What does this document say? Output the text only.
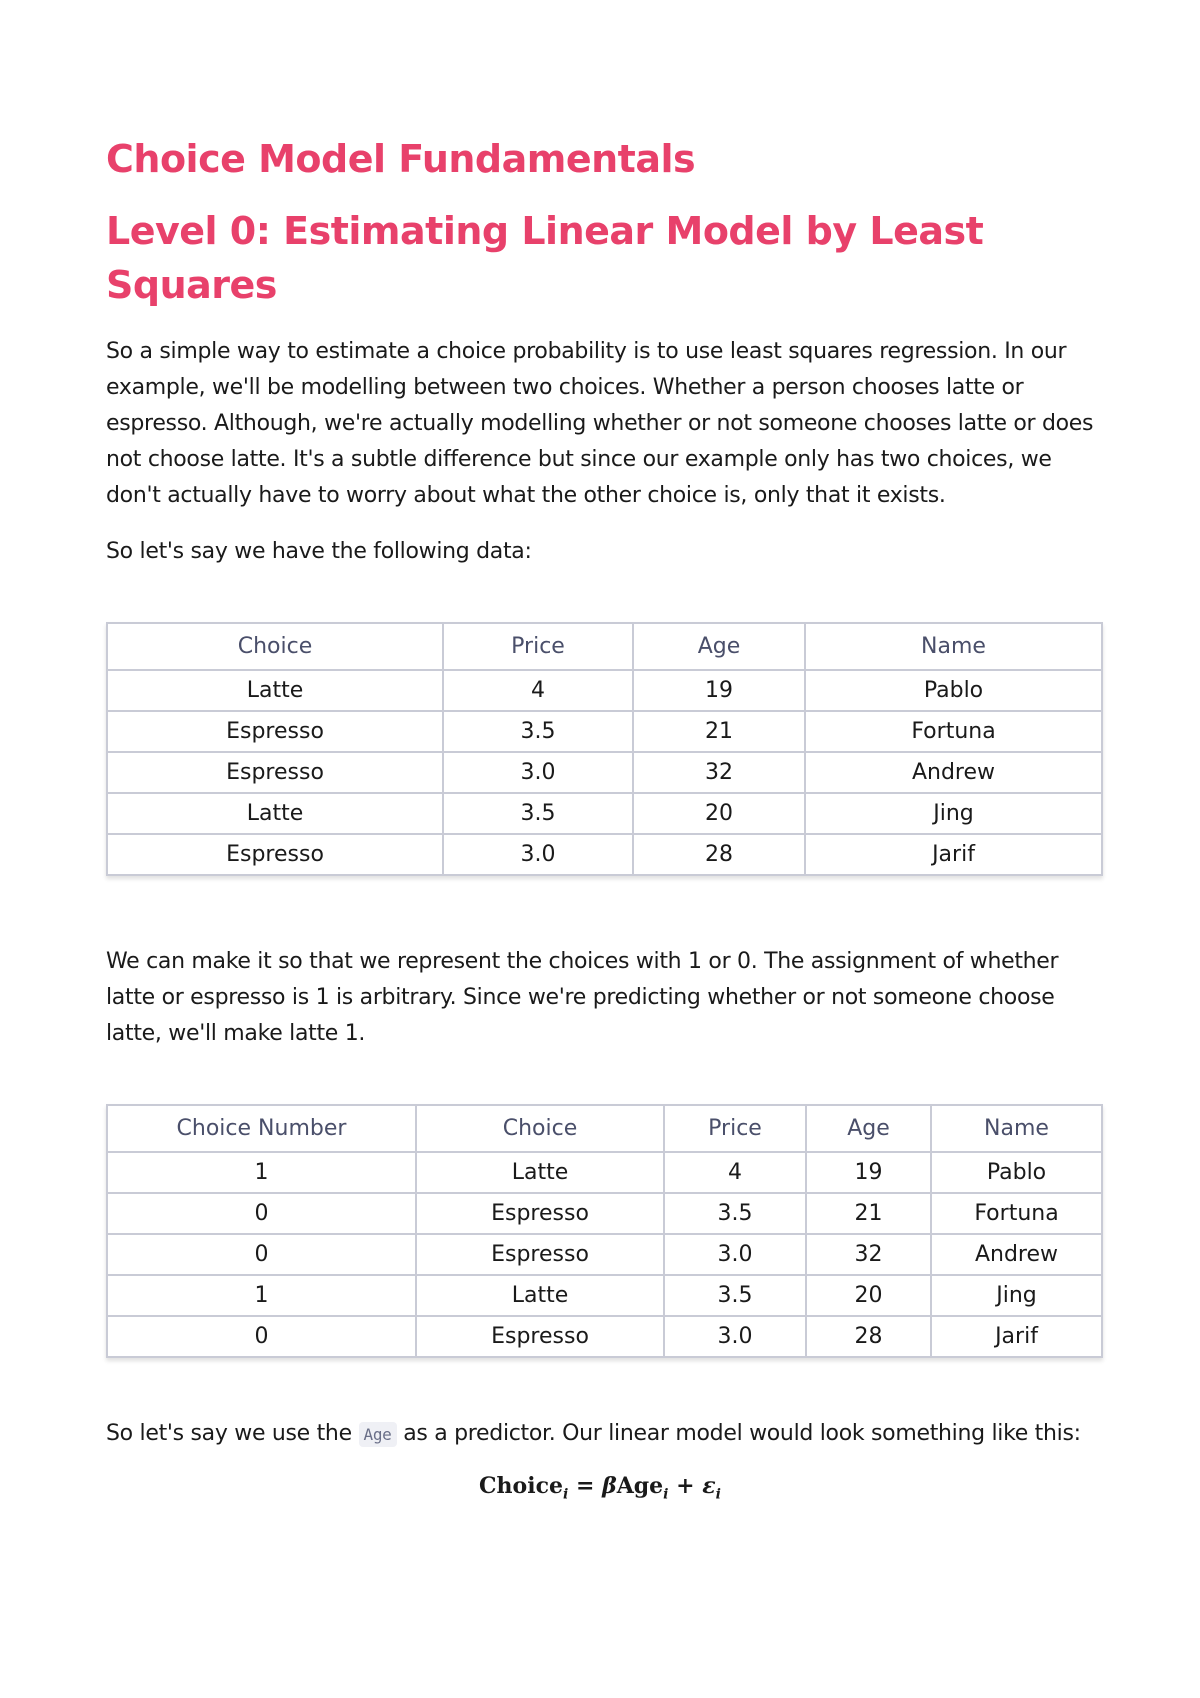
Choice Model Fundamentals
Level 0: Estimating Linear Model by Least Squares

So a simple way to estimate a choice probability is to use least squares regression. In our example, we'll be modelling between two choices. Whether a person chooses latte or espresso. Although, we're actually modelling whether or not someone chooses latte or does not choose latte. It's a subtle difference but since our example only has two choices, we don't actually have to worry about what the other choice is, only that it exists.

So let's say we have the following data:

Choice	Price	Age	Name
Latte	4	19	Pablo
Espresso	3.5	21	Fortuna
Espresso	3.0	32	Andrew
Latte	3.5	20	Jing
Espresso	3.0	28	Jarif

We can make it so that we represent the choices with 1 or 0. The assignment of whether latte or espresso is 1 is arbitrary. Since we're predicting whether or not someone choose latte, we'll make latte 1.

Choice Number	Choice	Price	Age	Name
1	Latte	4	19	Pablo
0	Espresso	3.5	21	Fortuna
0	Espresso	3.0	32	Andrew
1	Latte	3.5	20	Jing
0	Espresso	3.0	28	Jarif

So let's say we use the Age as a predictor. Our linear model would look something like this:

Choice$_i$ = $\beta Age_i + \varepsilon_i$
